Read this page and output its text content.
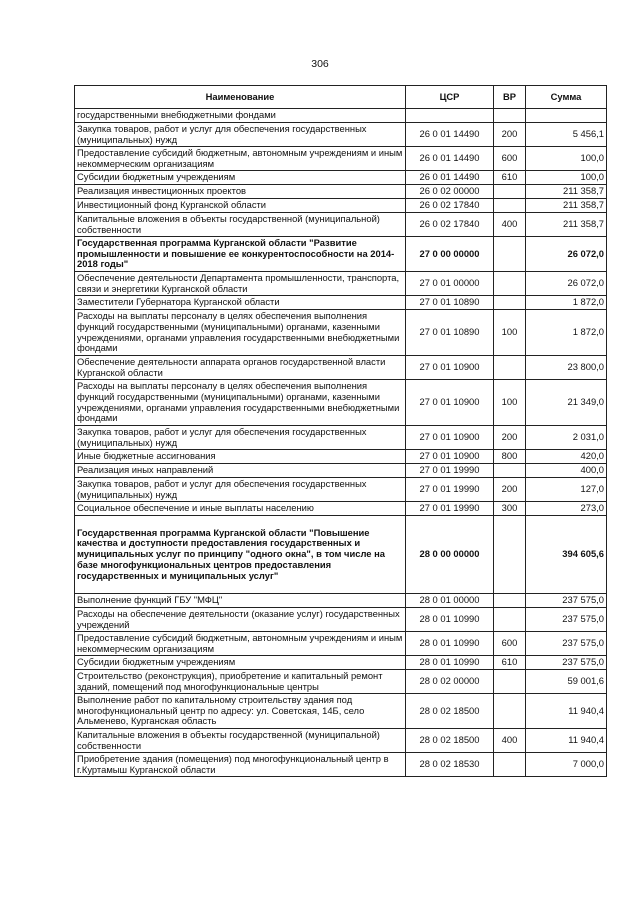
306
Наименование	ЦСР	ВР	Сумма
государственными внебюджетными фондами			
Закупка товаров, работ и услуг для обеспечения государственных (муниципальных) нужд	26 0 01 14490	200	5 456,1
Предоставление субсидий бюджетным, автономным учреждениям и иным некоммерческим организациям	26 0 01 14490	600	100,0
Субсидии бюджетным учреждениям	26 0 01 14490	610	100,0
Реализация инвестиционных проектов	26 0 02 00000		211 358,7
Инвестиционный фонд Курганской области	26 0 02 17840		211 358,7
Капитальные вложения в объекты государственной (муниципальной) собственности	26 0 02 17840	400	211 358,7
Государственная программа Курганской области "Развитие промышленности и повышение ее конкурентоспособности на 2014-2018 годы"	27 0 00 00000		26 072,0
Обеспечение деятельности Департамента промышленности, транспорта, связи и энергетики Курганской области	27 0 01 00000		26 072,0
Заместители Губернатора Курганской области	27 0 01 10890		1 872,0
Расходы на выплаты персоналу в целях обеспечения выполнения функций государственными (муниципальными) органами, казенными учреждениями, органами управления государственными внебюджетными фондами	27 0 01 10890	100	1 872,0
Обеспечение деятельности аппарата органов государственной власти Курганской области	27 0 01 10900		23 800,0
Расходы на выплаты персоналу в целях обеспечения выполнения функций государственными (муниципальными) органами, казенными учреждениями, органами управления государственными внебюджетными фондами	27 0 01 10900	100	21 349,0
Закупка товаров, работ и услуг для обеспечения государственных (муниципальных) нужд	27 0 01 10900	200	2 031,0
Иные бюджетные ассигнования	27 0 01 10900	800	420,0
Реализация иных направлений	27 0 01 19990		400,0
Закупка товаров, работ и услуг для обеспечения государственных (муниципальных) нужд	27 0 01 19990	200	127,0
Социальное обеспечение и иные выплаты населению	27 0 01 19990	300	273,0
Государственная программа Курганской области "Повышение качества и доступности предоставления государственных и муниципальных услуг по принципу "одного окна", в том числе на базе многофункциональных центров предоставления государственных и муниципальных услуг"	28 0 00 00000		394 605,6
Выполнение функций ГБУ "МФЦ"	28 0 01 00000		237 575,0
Расходы на обеспечение деятельности (оказание услуг) государственных учреждений	28 0 01 10990		237 575,0
Предоставление субсидий бюджетным, автономным учреждениям и иным некоммерческим организациям	28 0 01 10990	600	237 575,0
Субсидии бюджетным учреждениям	28 0 01 10990	610	237 575,0
Строительство (реконструкция), приобретение и капитальный ремонт зданий, помещений под многофункциональные центры	28 0 02 00000		59 001,6
Выполнение работ по капитальному строительству здания под многофункциональный центр по адресу: ул. Советская, 14Б, село Альменево, Курганская область	28 0 02 18500		11 940,4
Капитальные вложения в объекты государственной (муниципальной) собственности	28 0 02 18500	400	11 940,4
Приобретение здания (помещения) под многофункциональный центр в г.Куртамыш Курганской области	28 0 02 18530		7 000,0
